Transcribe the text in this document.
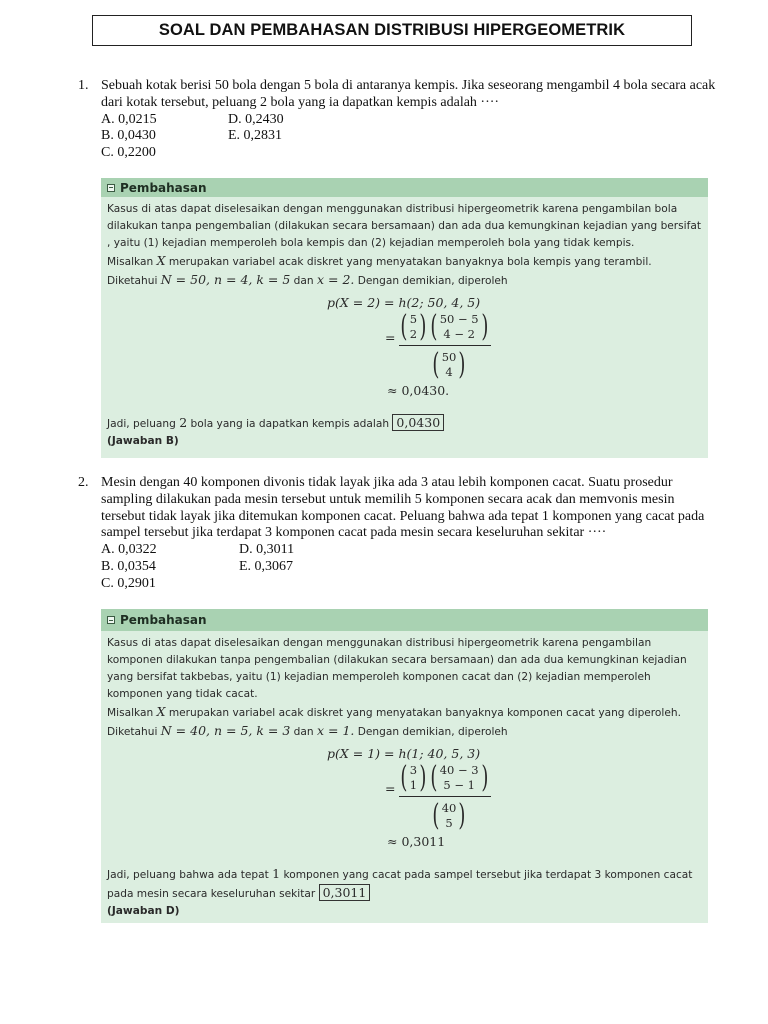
SOAL DAN PEMBAHASAN DISTRIBUSI HIPERGEOMETRIK
1. Sebuah kotak berisi 50 bola dengan 5 bola di antaranya kempis. Jika seseorang mengambil 4 bola secara acak dari kotak tersebut, peluang 2 bola yang ia dapatkan kempis adalah ····
A. 0,0215	D. 0,2430
B. 0,0430	E. 0,2831
C. 0,2200
Pembahasan

Kasus di atas dapat diselesaikan dengan menggunakan distribusi hipergeometrik karena pengambilan bola dilakukan tanpa pengembalian (dilakukan secara bersamaan) dan ada dua kemungkinan kejadian yang bersifat , yaitu (1) kejadian memperoleh bola kempis dan (2) kejadian memperoleh bola yang tidak kempis.

Misalkan X merupakan variabel acak diskret yang menyatakan banyaknya bola kempis yang terambil.

Diketahui N = 50, n = 4, k = 5 dan x = 2. Dengan demikian, diperoleh

p(X = 2) = h(2; 50, 4, 5)
= ( 5
2 ) ( 50 − 5
4 − 2 )
( 50
4 )
≈ 0,0430.

Jadi, peluang 2 bola yang ia dapatkan kempis adalah 0,0430

(Jawaban B)

2. Mesin dengan 40 komponen divonis tidak layak jika ada 3 atau lebih komponen cacat. Suatu prosedur sampling dilakukan pada mesin tersebut untuk memilih 5 komponen secara acak dan memvonis mesin tersebut tidak layak jika ditemukan komponen cacat. Peluang bahwa ada tepat 1 komponen yang cacat pada sampel tersebut jika terdapat 3 komponen cacat pada mesin secara keseluruhan sekitar ····
A. 0,0322	D. 0,3011
B. 0,0354	E. 0,3067
C. 0,2901
Pembahasan

Kasus di atas dapat diselesaikan dengan menggunakan distribusi hipergeometrik karena pengambilan komponen dilakukan tanpa pengembalian (dilakukan secara bersamaan) dan ada dua kemungkinan kejadian yang bersifat takbebas, yaitu (1) kejadian memperoleh komponen cacat dan (2) kejadian memperoleh komponen yang tidak cacat.

Misalkan X merupakan variabel acak diskret yang menyatakan banyaknya komponen cacat yang diperoleh.

Diketahui N = 40, n = 5, k = 3 dan x = 1. Dengan demikian, diperoleh

p(X = 1) = h(1; 40, 5, 3)
= ( 3
1 ) ( 40 − 3
5 − 1 )
( 40
5 )
≈ 0,3011

Jadi, peluang bahwa ada tepat 1 komponen yang cacat pada sampel tersebut jika terdapat 3 komponen cacat pada mesin secara keseluruhan sekitar 0,3011

(Jawaban D)
